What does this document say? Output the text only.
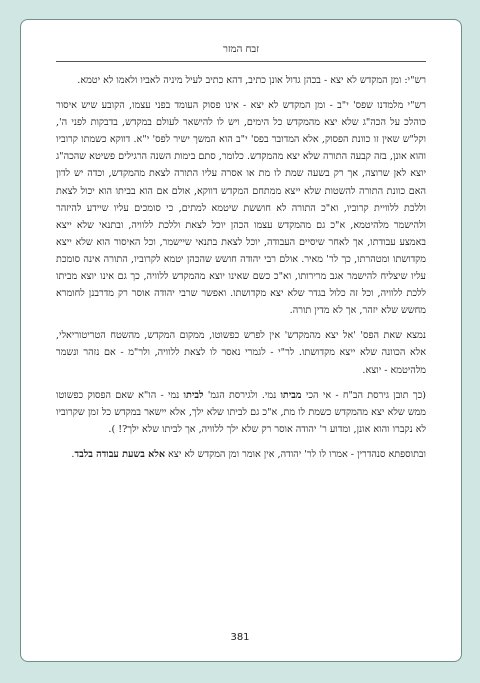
זבח המזר

רש"י: ומן המקדש לא יצא - בכהן גדול אונן כתיב, דהא כתיב לעיל מיניה לאביו ולאמו לא יטמא.

רש"י מלמדנו שפס' י"ב - ומן המקדש לא יצא - אינו פסוק העומד בפני עצמו, הקובע שיש איסור כוהלכ על הכה"ג שלא יצא מהמקדש כל הימים, ויש לו להישאר לעולם במקדש, בדבקות לפני ה', וקל"ש שאין זו כוונת הפסוק, אלא המדובר בפס' י"ב הוא המשך ישיר לפס' י"א. דווקא כשמתו קרוביו והוא אונן, בזה קבעה התורה שלא יצא מהמקדש. כלומר, סתם בימות השנה הרגילים פשיטא שהכה"ג יוצא לאן שרוצה, אך רק בשעה שמת לו מת או אסרה עליו התורה לצאת מהמקדש, וכדה יש לדון האם כוונת התורה להשטות שלא ייצא ממתחם המקדש דווקא, אולם אם הוא בביתו הוא יכול לצאת וללכת ללוויית קרוביו, וא"כ התורה לא חוששת שיטמא למתים, כי סומכים עליו שיידע להיזהר ולהישמר מלהיטמא, א"כ גם מהמקדש עצמו הכהן יוכל לצאת וללכת ללוויה, ובתנאי שלא ייצא באמצע עבודתו, אך לאחר שיסיים העבודה, יוכל לצאת בתנאי שיישמר, וכל האיסור הוא שלא ייצא מקדושתו ומטהרתו, כך לר' מאיר. אולם רבי יהודה חושש שהכהן יטמא לקרוביו, התורה אינה סומכת עליו שיצליח להישמר אגב מרירותו, וא"כ כשם שאינו יוצא מהמקדש ללוויה, כך גם אינו יוצא מביתו ללכת ללוויה, וכל זה כלול בגדר שלא יצא מקדושתו. ואפשר שרבי יהודה אוסר רק מדרבנן לחומרא מחשש שלא יזהר, אך לא מדין תורה.

נמצא שאת הפס' 'אל יצא מהמקדש' אין לפרש כפשוטו, ממקום המקדש, מהשטח הטריטוריאלי, אלא הכוונה שלא ייצא מקדושתו. לר"י - לגמרי נאסר לו לצאת ללוויה, ולר"מ - אם נזהר ונשמר מלהיטמא - יוצא.

(כך תובן גירסת הב"ח - אי הכי מביתו נמי. ולגירסת הגמ' לביתו נמי - הו"א שאם הפסוק כפשוטו ממש שלא יצא מהמקדש כשמת לו מת, א"כ גם לביתו שלא ילך, אלא יישאר במקדש כל זמן שקרוביו לא נקברו והוא אונן, ומדוע ר' יהודה אוסר רק שלא ילך ללוויה, אך לביתו שלא ילך?! ).

ובתוספתא סנהדרין - אמרו לו לר' יהודה, אין אומר ומן המקדש לא יצא אלא בשעת עבודה בלבד.

381
